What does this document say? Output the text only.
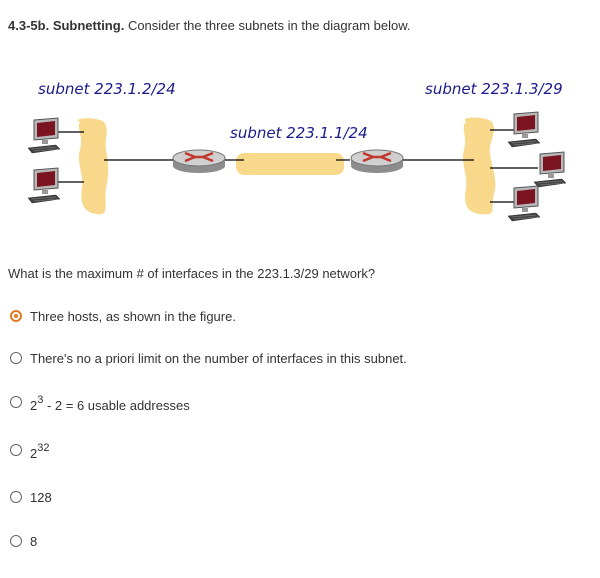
4.3-5b. Subnetting. Consider the three subnets in the diagram below.
subnet 223.1.2/24
subnet 223.1.1/24
subnet 223.1.3/29
What is the maximum # of interfaces in the 223.1.3/29 network?
Three hosts, as shown in the figure.
There's no a priori limit on the number of interfaces in this subnet.
$2^3 - 2 = 6$ usable addresses
$2^{32}$
128
8
